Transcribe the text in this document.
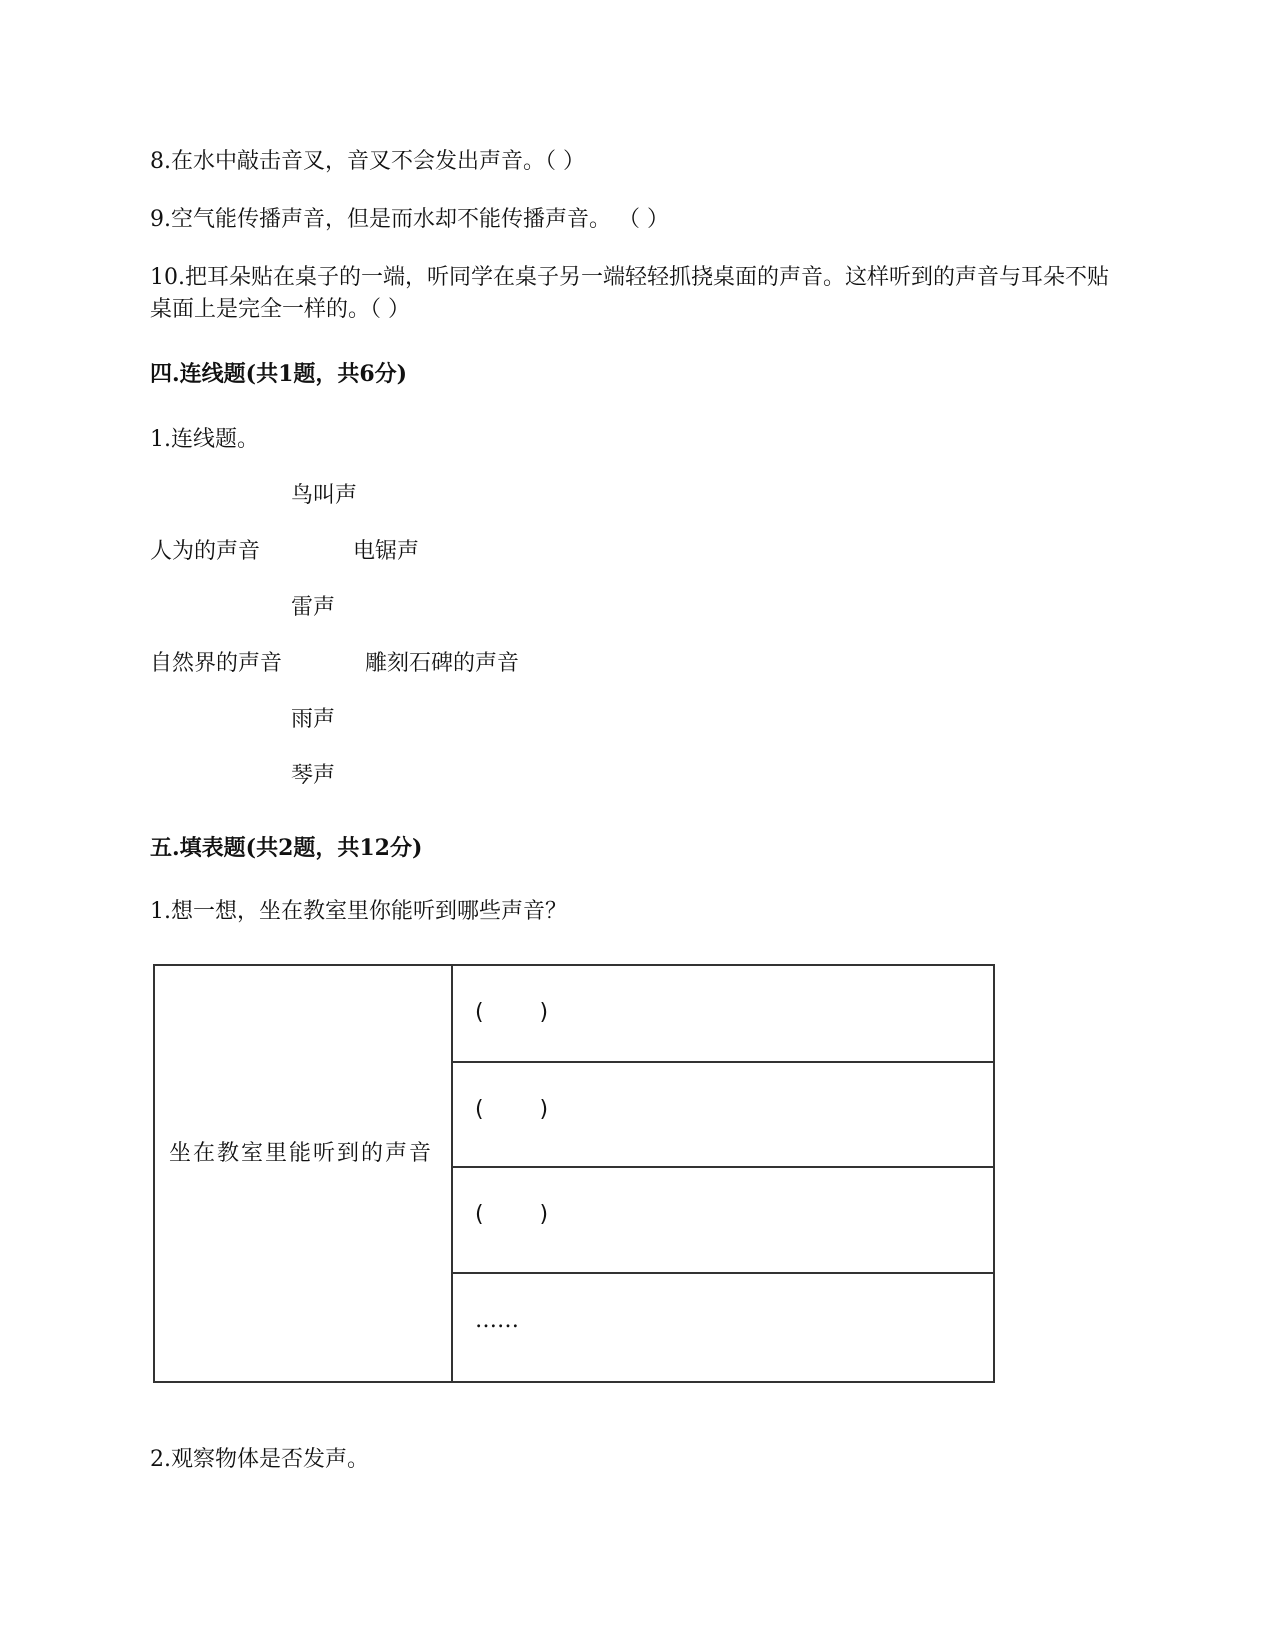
8.在水中敲击音叉，音叉不会发出声音。（ ）
9.空气能传播声音，但是而水却不能传播声音。 （ ）
10.把耳朵贴在桌子的一端，听同学在桌子另一端轻轻抓挠桌面的声音。这样听到的声音与耳朵不贴桌面上是完全一样的。（ ）
四.连线题(共1题，共6分)
1.连线题。
鸟叫声
人为的声音	电锯声
雷声
自然界的声音	雕刻石碑的声音
雨声
琴声
五.填表题(共2题，共12分)
1.想一想，坐在教室里你能听到哪些声音？
坐在教室里能听到的声音
(        )
(        )
(        )
……
2.观察物体是否发声。
